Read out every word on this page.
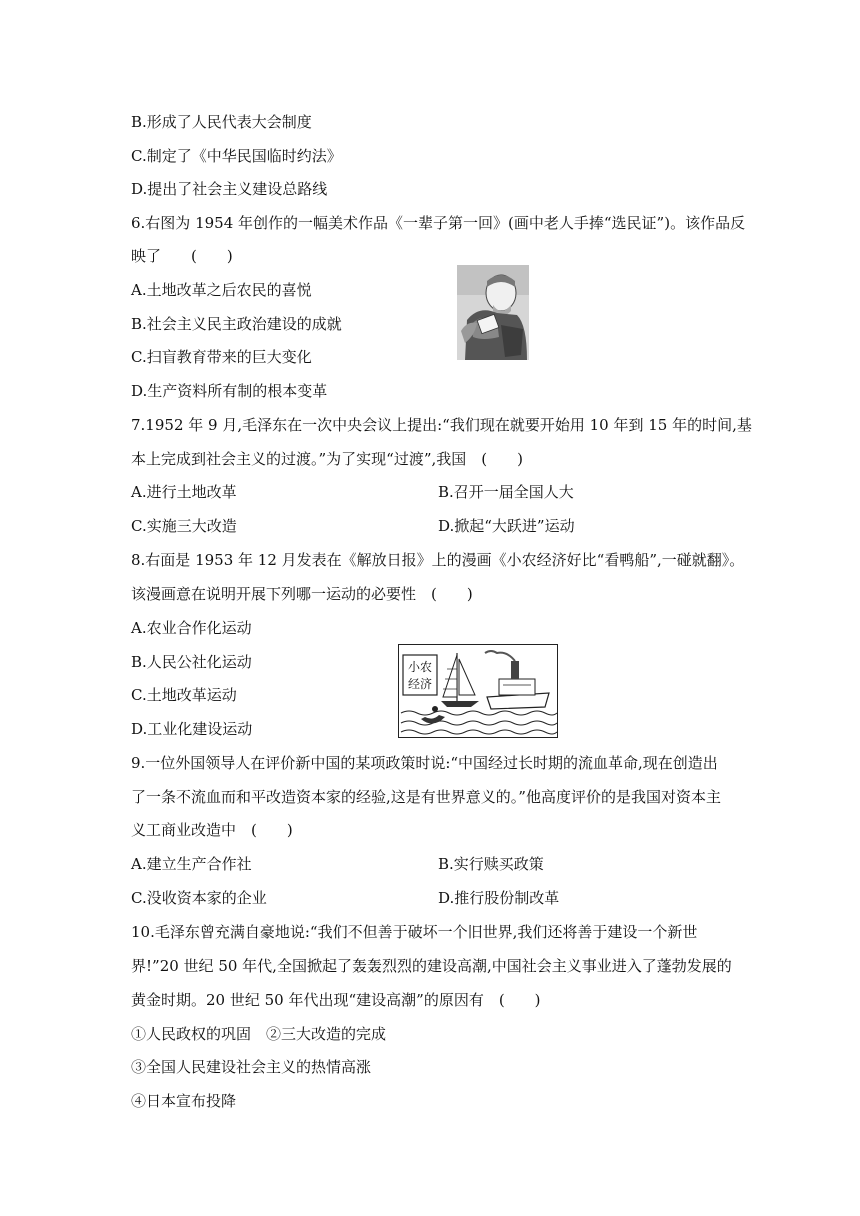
B.形成了人民代表大会制度
C.制定了《中华民国临时约法》
D.提出了社会主义建设总路线
6.右图为 1954 年创作的一幅美术作品《一辈子第一回》(画中老人手捧“选民证”)。该作品反
映了　　(　　)
A.土地改革之后农民的喜悦
B.社会主义民主政治建设的成就
C.扫盲教育带来的巨大变化
D.生产资料所有制的根本变革
7.1952 年 9 月,毛泽东在一次中央会议上提出:“我们现在就要开始用 10 年到 15 年的时间,基
本上完成到社会主义的过渡。”为了实现“过渡”,我国　(　　)
A.进行土地改革	B.召开一届全国人大
C.实施三大改造	D.掀起“大跃进”运动
8.右面是 1953 年 12 月发表在《解放日报》上的漫画《小农经济好比“看鸭船”,一碰就翻》。
该漫画意在说明开展下列哪一运动的必要性　(　　)
A.农业合作化运动
B.人民公社化运动
C.土地改革运动
D.工业化建设运动
小农
经济
9.一位外国领导人在评价新中国的某项政策时说:“中国经过长时期的流血革命,现在创造出
了一条不流血而和平改造资本家的经验,这是有世界意义的。”他高度评价的是我国对资本主
义工商业改造中　(　　)
A.建立生产合作社	B.实行赎买政策
C.没收资本家的企业	D.推行股份制改革
10.毛泽东曾充满自豪地说:“我们不但善于破坏一个旧世界,我们还将善于建设一个新世
界!”20 世纪 50 年代,全国掀起了轰轰烈烈的建设高潮,中国社会主义事业进入了蓬勃发展的
黄金时期。20 世纪 50 年代出现“建设高潮”的原因有　(　　)
①人民政权的巩固　②三大改造的完成
③全国人民建设社会主义的热情高涨
④日本宣布投降
